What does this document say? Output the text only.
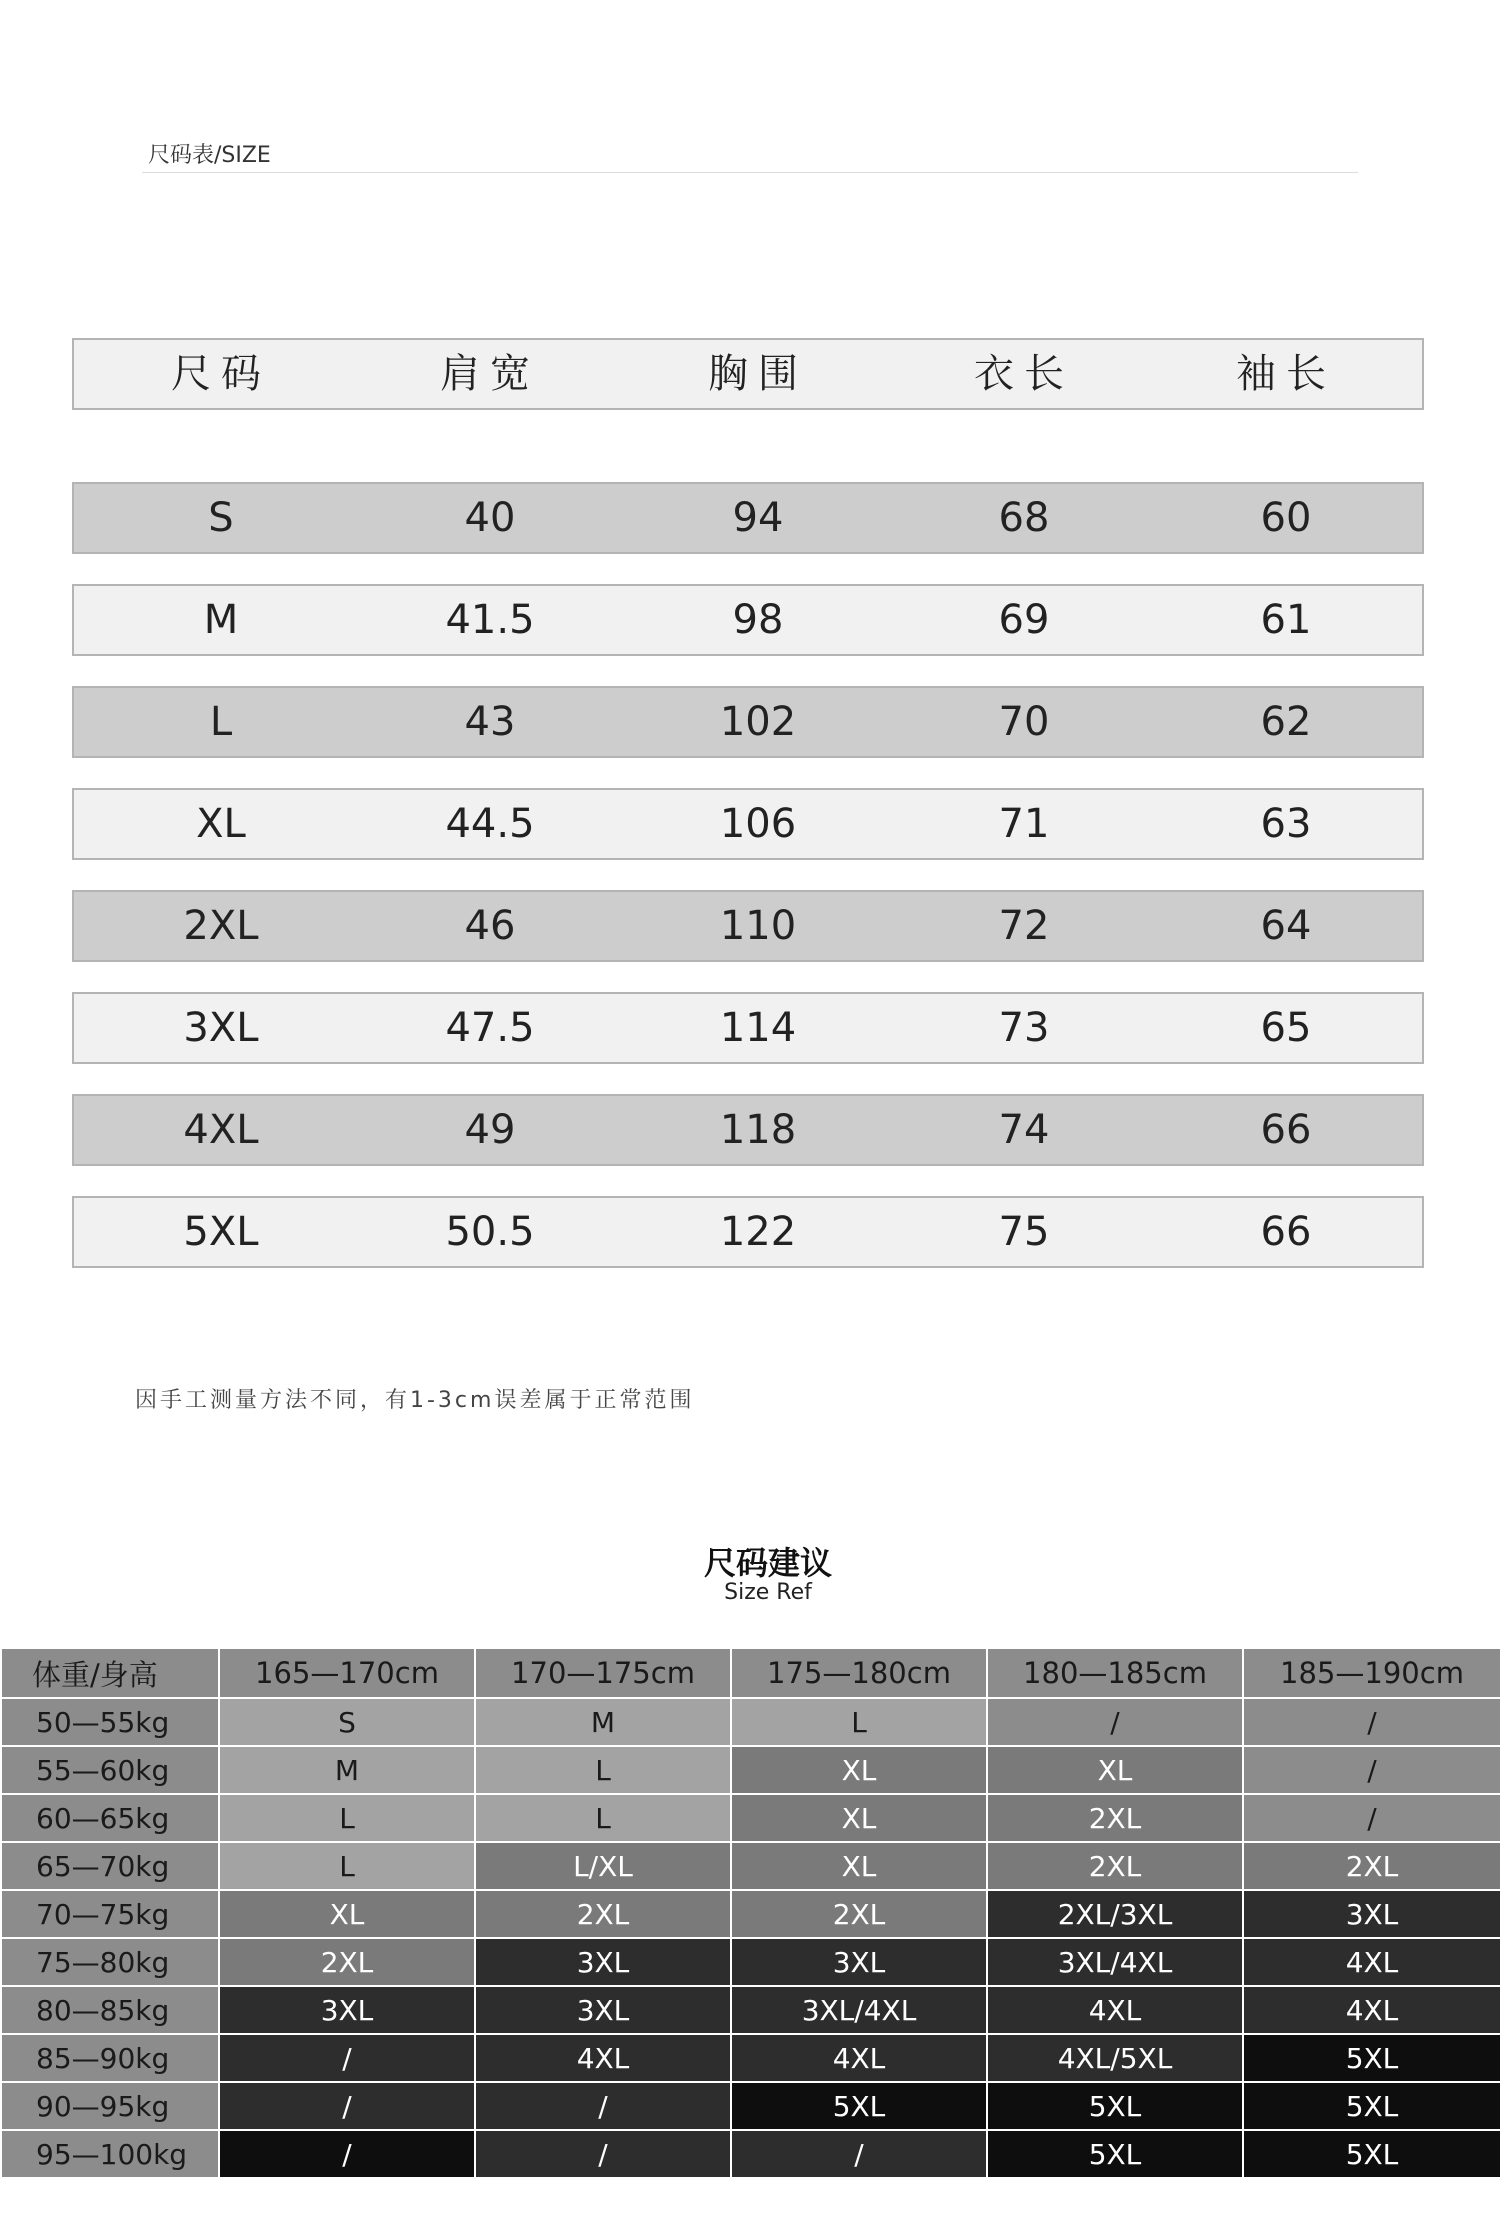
尺码表/SIZE
尺码	肩宽	胸围	衣长	袖长
S	40	94	68	60
M	41.5	98	69	61
L	43	102	70	62
XL	44.5	106	71	63
2XL	46	110	72	64
3XL	47.5	114	73	65
4XL	49	118	74	66
5XL	50.5	122	75	66
因手工测量方法不同，有1-3cm误差属于正常范围
尺码建议
Size Ref
体重/身高	165—170cm	170—175cm	175—180cm	180—185cm	185—190cm
50—55kg	S	M	L	/	/
55—60kg	M	L	XL	XL	/
60—65kg	L	L	XL	2XL	/
65—70kg	L	L/XL	XL	2XL	2XL
70—75kg	XL	2XL	2XL	2XL/3XL	3XL
75—80kg	2XL	3XL	3XL	3XL/4XL	4XL
80—85kg	3XL	3XL	3XL/4XL	4XL	4XL
85—90kg	/	4XL	4XL	4XL/5XL	5XL
90—95kg	/	/	5XL	5XL	5XL
95—100kg	/	/	/	5XL	5XL
